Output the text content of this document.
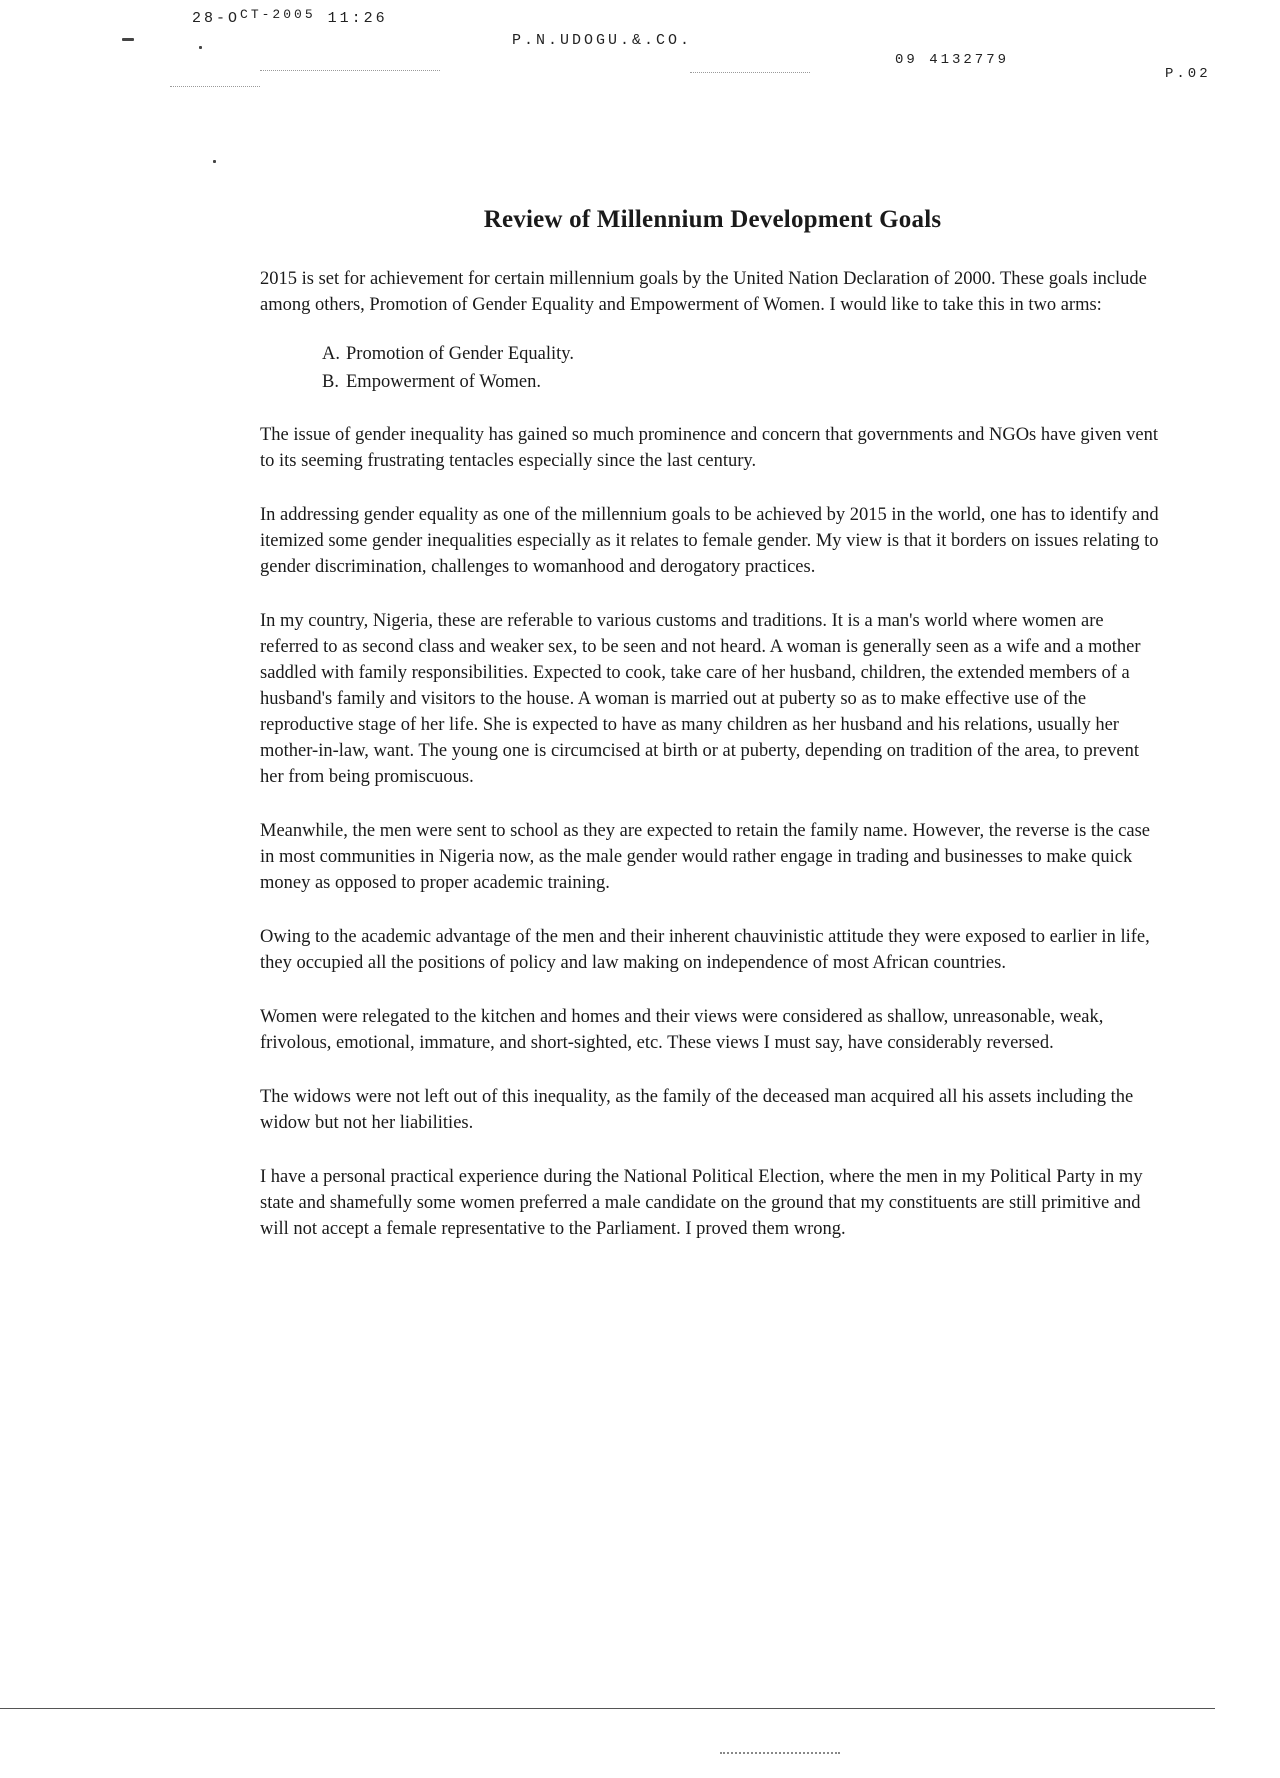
$28-O^{CT-2005}$ 11:26
P.N.UDOGU.&.CO.
09 4132779
P.02
Review of Millennium Development Goals

2015 is set for achievement for certain millennium goals by the United Nation Declaration of 2000. These goals include among others, Promotion of Gender Equality and Empowerment of Women. I would like to take this in two arms:

A. Promotion of Gender Equality.
B. Empowerment of Women.

The issue of gender inequality has gained so much prominence and concern that governments and NGOs have given vent to its seeming frustrating tentacles especially since the last century.

In addressing gender equality as one of the millennium goals to be achieved by 2015 in the world, one has to identify and itemized some gender inequalities especially as it relates to female gender. My view is that it borders on issues relating to gender discrimination, challenges to womanhood and derogatory practices.

In my country, Nigeria, these are referable to various customs and traditions. It is a man's world where women are referred to as second class and weaker sex, to be seen and not heard. A woman is generally seen as a wife and a mother saddled with family responsibilities. Expected to cook, take care of her husband, children, the extended members of a husband's family and visitors to the house. A woman is married out at puberty so as to make effective use of the reproductive stage of her life. She is expected to have as many children as her husband and his relations, usually her mother-in-law, want. The young one is circumcised at birth or at puberty, depending on tradition of the area, to prevent her from being promiscuous.

Meanwhile, the men were sent to school as they are expected to retain the family name. However, the reverse is the case in most communities in Nigeria now, as the male gender would rather engage in trading and businesses to make quick money as opposed to proper academic training.

Owing to the academic advantage of the men and their inherent chauvinistic attitude they were exposed to earlier in life, they occupied all the positions of policy and law making on independence of most African countries.

Women were relegated to the kitchen and homes and their views were considered as shallow, unreasonable, weak, frivolous, emotional, immature, and short-sighted, etc. These views I must say, have considerably reversed.

The widows were not left out of this inequality, as the family of the deceased man acquired all his assets including the widow but not her liabilities.

I have a personal practical experience during the National Political Election, where the men in my Political Party in my state and shamefully some women preferred a male candidate on the ground that my constituents are still primitive and will not accept a female representative to the Parliament. I proved them wrong.
